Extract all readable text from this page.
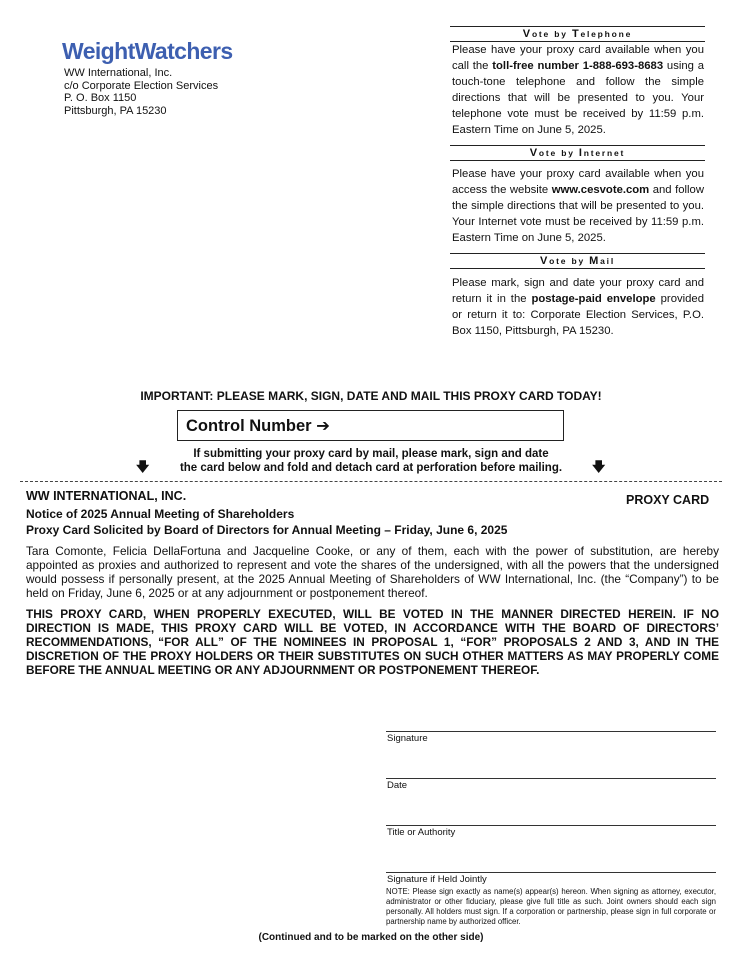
WeightWatchers
WW International, Inc.
c/o Corporate Election Services
P. O. Box 1150
Pittsburgh, PA 15230
Vote by Telephone
Please have your proxy card available when you call the toll-free number 1-888-693-8683 using a touch-tone telephone and follow the simple directions that will be presented to you. Your telephone vote must be received by 11:59 p.m. Eastern Time on June 5, 2025.
Vote by Internet
Please have your proxy card available when you access the website www.cesvote.com and follow the simple directions that will be presented to you. Your Internet vote must be received by 11:59 p.m. Eastern Time on June 5, 2025.
Vote by Mail
Please mark, sign and date your proxy card and return it in the postage-paid envelope provided or return it to: Corporate Election Services, P.O. Box 1150, Pittsburgh, PA 15230.
IMPORTANT: PLEASE MARK, SIGN, DATE AND MAIL THIS PROXY CARD TODAY!
Control Number ➔
If submitting your proxy card by mail, please mark, sign and date
the card below and fold and detach card at perforation before mailing.
🡇	🡇
WW INTERNATIONAL, INC.	PROXY CARD
Notice of 2025 Annual Meeting of Shareholders
Proxy Card Solicited by Board of Directors for Annual Meeting – Friday, June 6, 2025
Tara Comonte, Felicia DellaFortuna and Jacqueline Cooke, or any of them, each with the power of substitution, are hereby appointed as proxies and authorized to represent and vote the shares of the undersigned, with all the powers that the undersigned would possess if personally present, at the 2025 Annual Meeting of Shareholders of WW International, Inc. (the “Company”) to be held on Friday, June 6, 2025 or at any adjournment or postponement thereof.
THIS PROXY CARD, WHEN PROPERLY EXECUTED, WILL BE VOTED IN THE MANNER DIRECTED HEREIN. IF NO DIRECTION IS MADE, THIS PROXY CARD WILL BE VOTED, IN ACCORDANCE WITH THE BOARD OF DIRECTORS’ RECOMMENDATIONS, “FOR ALL” OF THE NOMINEES IN PROPOSAL 1, “FOR” PROPOSALS 2 AND 3, AND IN THE DISCRETION OF THE PROXY HOLDERS OR THEIR SUBSTITUTES ON SUCH OTHER MATTERS AS MAY PROPERLY COME BEFORE THE ANNUAL MEETING OR ANY ADJOURNMENT OR POSTPONEMENT THEREOF.
Signature
Date
Title or Authority
Signature if Held Jointly
NOTE: Please sign exactly as name(s) appear(s) hereon. When signing as attorney, executor, administrator or other fiduciary, please give full title as such. Joint owners should each sign personally. All holders must sign. If a corporation or partnership, please sign in full corporate or partnership name by authorized officer.
(Continued and to be marked on the other side)
